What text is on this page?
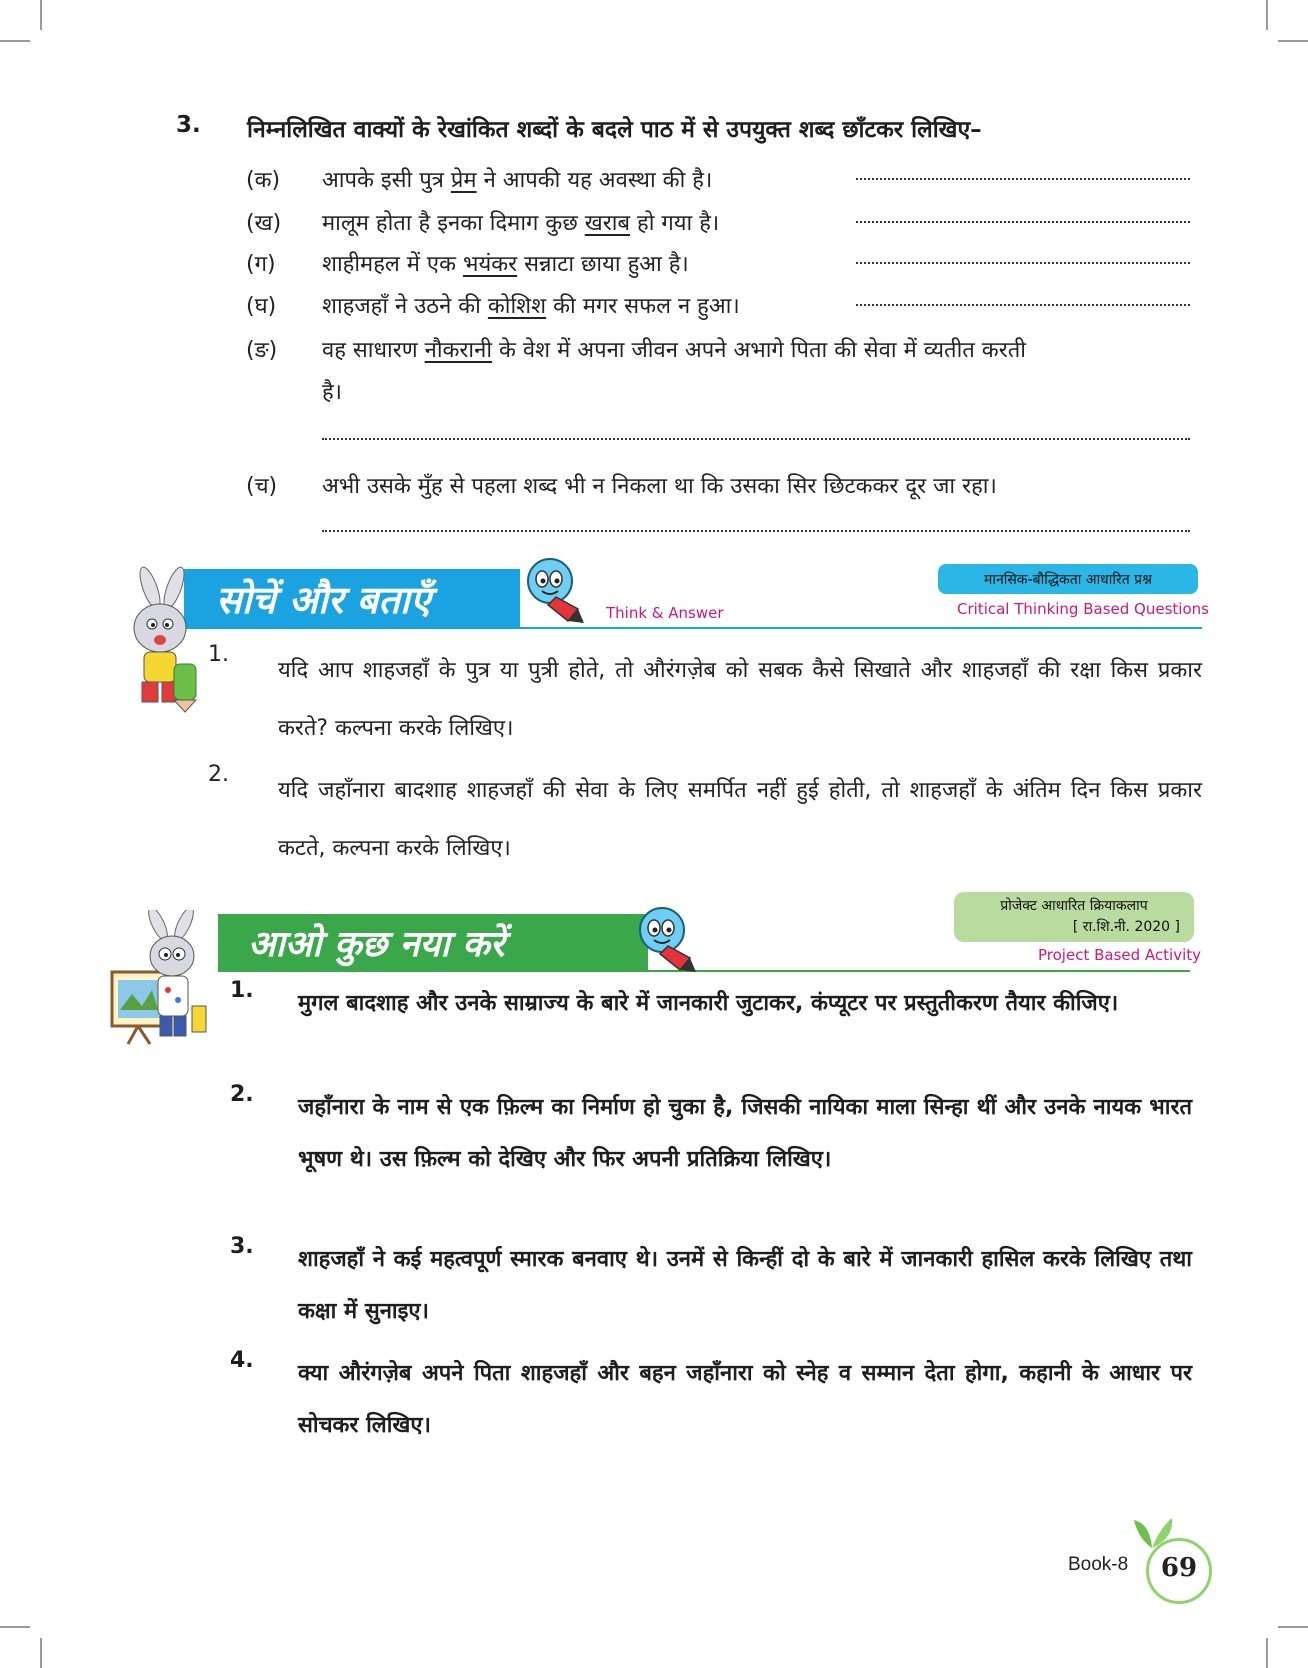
3.	निम्नलिखित वाक्यों के रेखांकित शब्दों के बदले पाठ में से उपयुक्त शब्द छाँटकर लिखिए–
(क) आपके इसी पुत्र प्रेम ने आपकी यह अवस्था की है।
(ख) मालूम होता है इनका दिमाग कुछ खराब हो गया है।
(ग) शाहीमहल में एक भयंकर सन्नाटा छाया हुआ है।
(घ) शाहजहाँ ने उठने की कोशिश की मगर सफल न हुआ।
(ङ) वह साधारण नौकरानी के वेश में अपना जीवन अपने अभागे पिता की सेवा में व्यतीत करती
है।
(च) अभी उसके मुँह से पहला शब्द भी न निकला था कि उसका सिर छिटककर दूर जा रहा।
सोचें और बताएँ	Think & Answer
मानसिक-बौद्धिकता आधारित प्रश्न
Critical Thinking Based Questions
1.
यदि आप शाहजहाँ के पुत्र या पुत्री होते, तो औरंगज़ेब को सबक कैसे सिखाते और शाहजहाँ की रक्षा किस प्रकार करते? कल्पना करके लिखिए।
2.
यदि जहाँनारा बादशाह शाहजहाँ की सेवा के लिए समर्पित नहीं हुई होती, तो शाहजहाँ के अंतिम दिन किस प्रकार कटते, कल्पना करके लिखिए।
आओ कुछ नया करें
प्रोजेक्ट आधारित क्रियाकलाप
[ रा.शि.नी. 2020 ]
Project Based Activity
1.
मुगल बादशाह और उनके साम्राज्य के बारे में जानकारी जुटाकर, कंप्यूटर पर प्रस्तुतीकरण तैयार कीजिए।
2.
जहाँनारा के नाम से एक फ़िल्म का निर्माण हो चुका है, जिसकी नायिका माला सिन्हा थीं और उनके नायक भारत भूषण थे। उस फ़िल्म को देखिए और फिर अपनी प्रतिक्रिया लिखिए।
3.
शाहजहाँ ने कई महत्वपूर्ण स्मारक बनवाए थे। उनमें से किन्हीं दो के बारे में जानकारी हासिल करके लिखिए तथा कक्षा में सुनाइए।
4.
क्या औरंगज़ेब अपने पिता शाहजहाँ और बहन जहाँनारा को स्नेह व सम्मान देता होगा, कहानी के आधार पर सोचकर लिखिए।
Book-8	69
